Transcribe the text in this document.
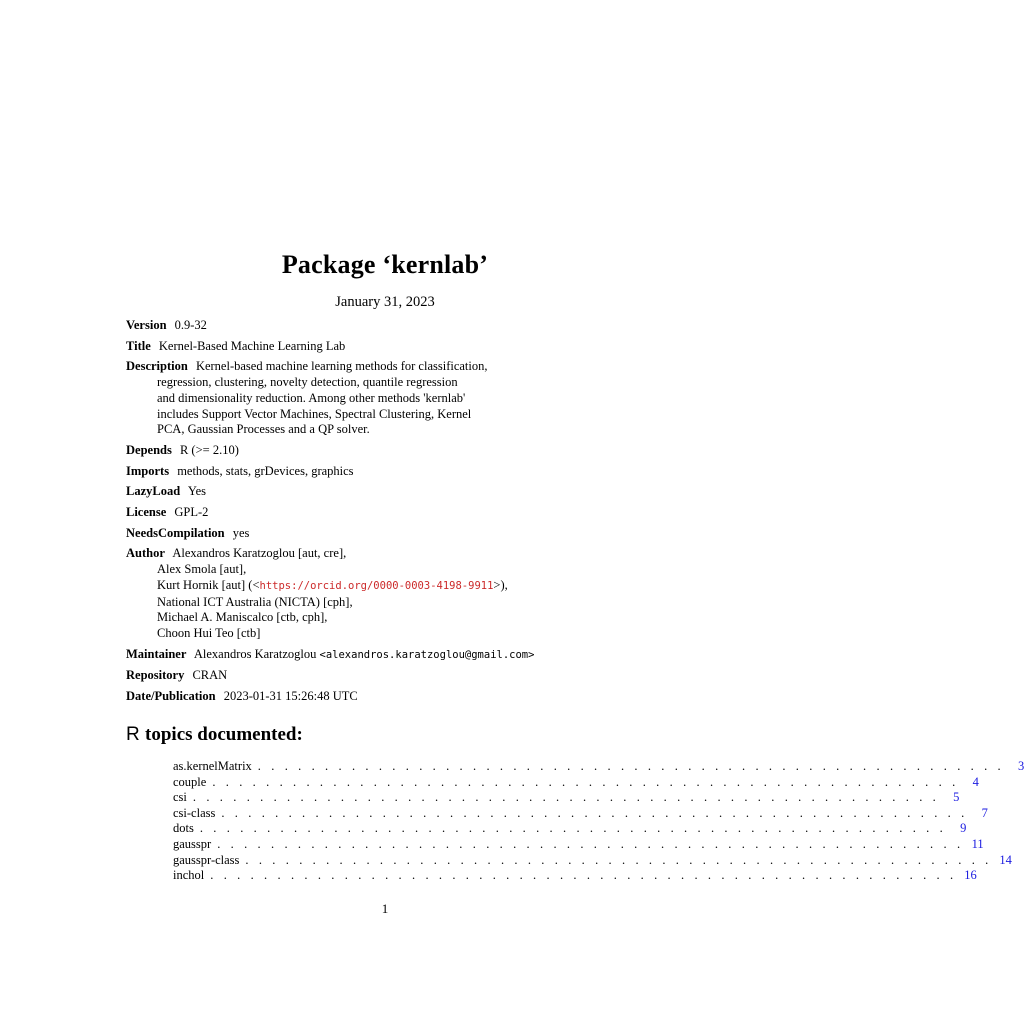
Package ‘kernlab’
January 31, 2023
Version 0.9-32
Title Kernel-Based Machine Learning Lab
Description Kernel-based machine learning methods for classification,
regression, clustering, novelty detection, quantile regression
and dimensionality reduction. Among other methods 'kernlab'
includes Support Vector Machines, Spectral Clustering, Kernel
PCA, Gaussian Processes and a QP solver.
Depends R (>= 2.10)
Imports methods, stats, grDevices, graphics
LazyLoad Yes
License GPL-2
NeedsCompilation yes
Author Alexandros Karatzoglou [aut, cre],
Alex Smola [aut],
Kurt Hornik [aut] (<https://orcid.org/0000-0003-4198-9911>),
National ICT Australia (NICTA) [cph],
Michael A. Maniscalco [ctb, cph],
Choon Hui Teo [ctb]
Maintainer Alexandros Karatzoglou <alexandros.karatzoglou@gmail.com>
Repository CRAN
Date/Publication 2023-01-31 15:26:48 UTC
R topics documented:
as.kernelMatrix . . . . . . . . . . . . . . . . . . . . . . . . . . . . . . . . . . . . . . . . . . . . . . . . . . . . . . . .	3
couple . . . . . . . . . . . . . . . . . . . . . . . . . . . . . . . . . . . . . . . . . . . . . . . . . . . . . . . .	4
csi . . . . . . . . . . . . . . . . . . . . . . . . . . . . . . . . . . . . . . . . . . . . . . . . . . . . . . . .	5
csi-class . . . . . . . . . . . . . . . . . . . . . . . . . . . . . . . . . . . . . . . . . . . . . . . . . . . . . . . .	7
dots . . . . . . . . . . . . . . . . . . . . . . . . . . . . . . . . . . . . . . . . . . . . . . . . . . . . . . . .	9
gausspr . . . . . . . . . . . . . . . . . . . . . . . . . . . . . . . . . . . . . . . . . . . . . . . . . . . . . . . . 11
gausspr-class . . . . . . . . . . . . . . . . . . . . . . . . . . . . . . . . . . . . . . . . . . . . . . . . . . . . . . . . 14
inchol . . . . . . . . . . . . . . . . . . . . . . . . . . . . . . . . . . . . . . . . . . . . . . . . . . . . . . . . 16
1
